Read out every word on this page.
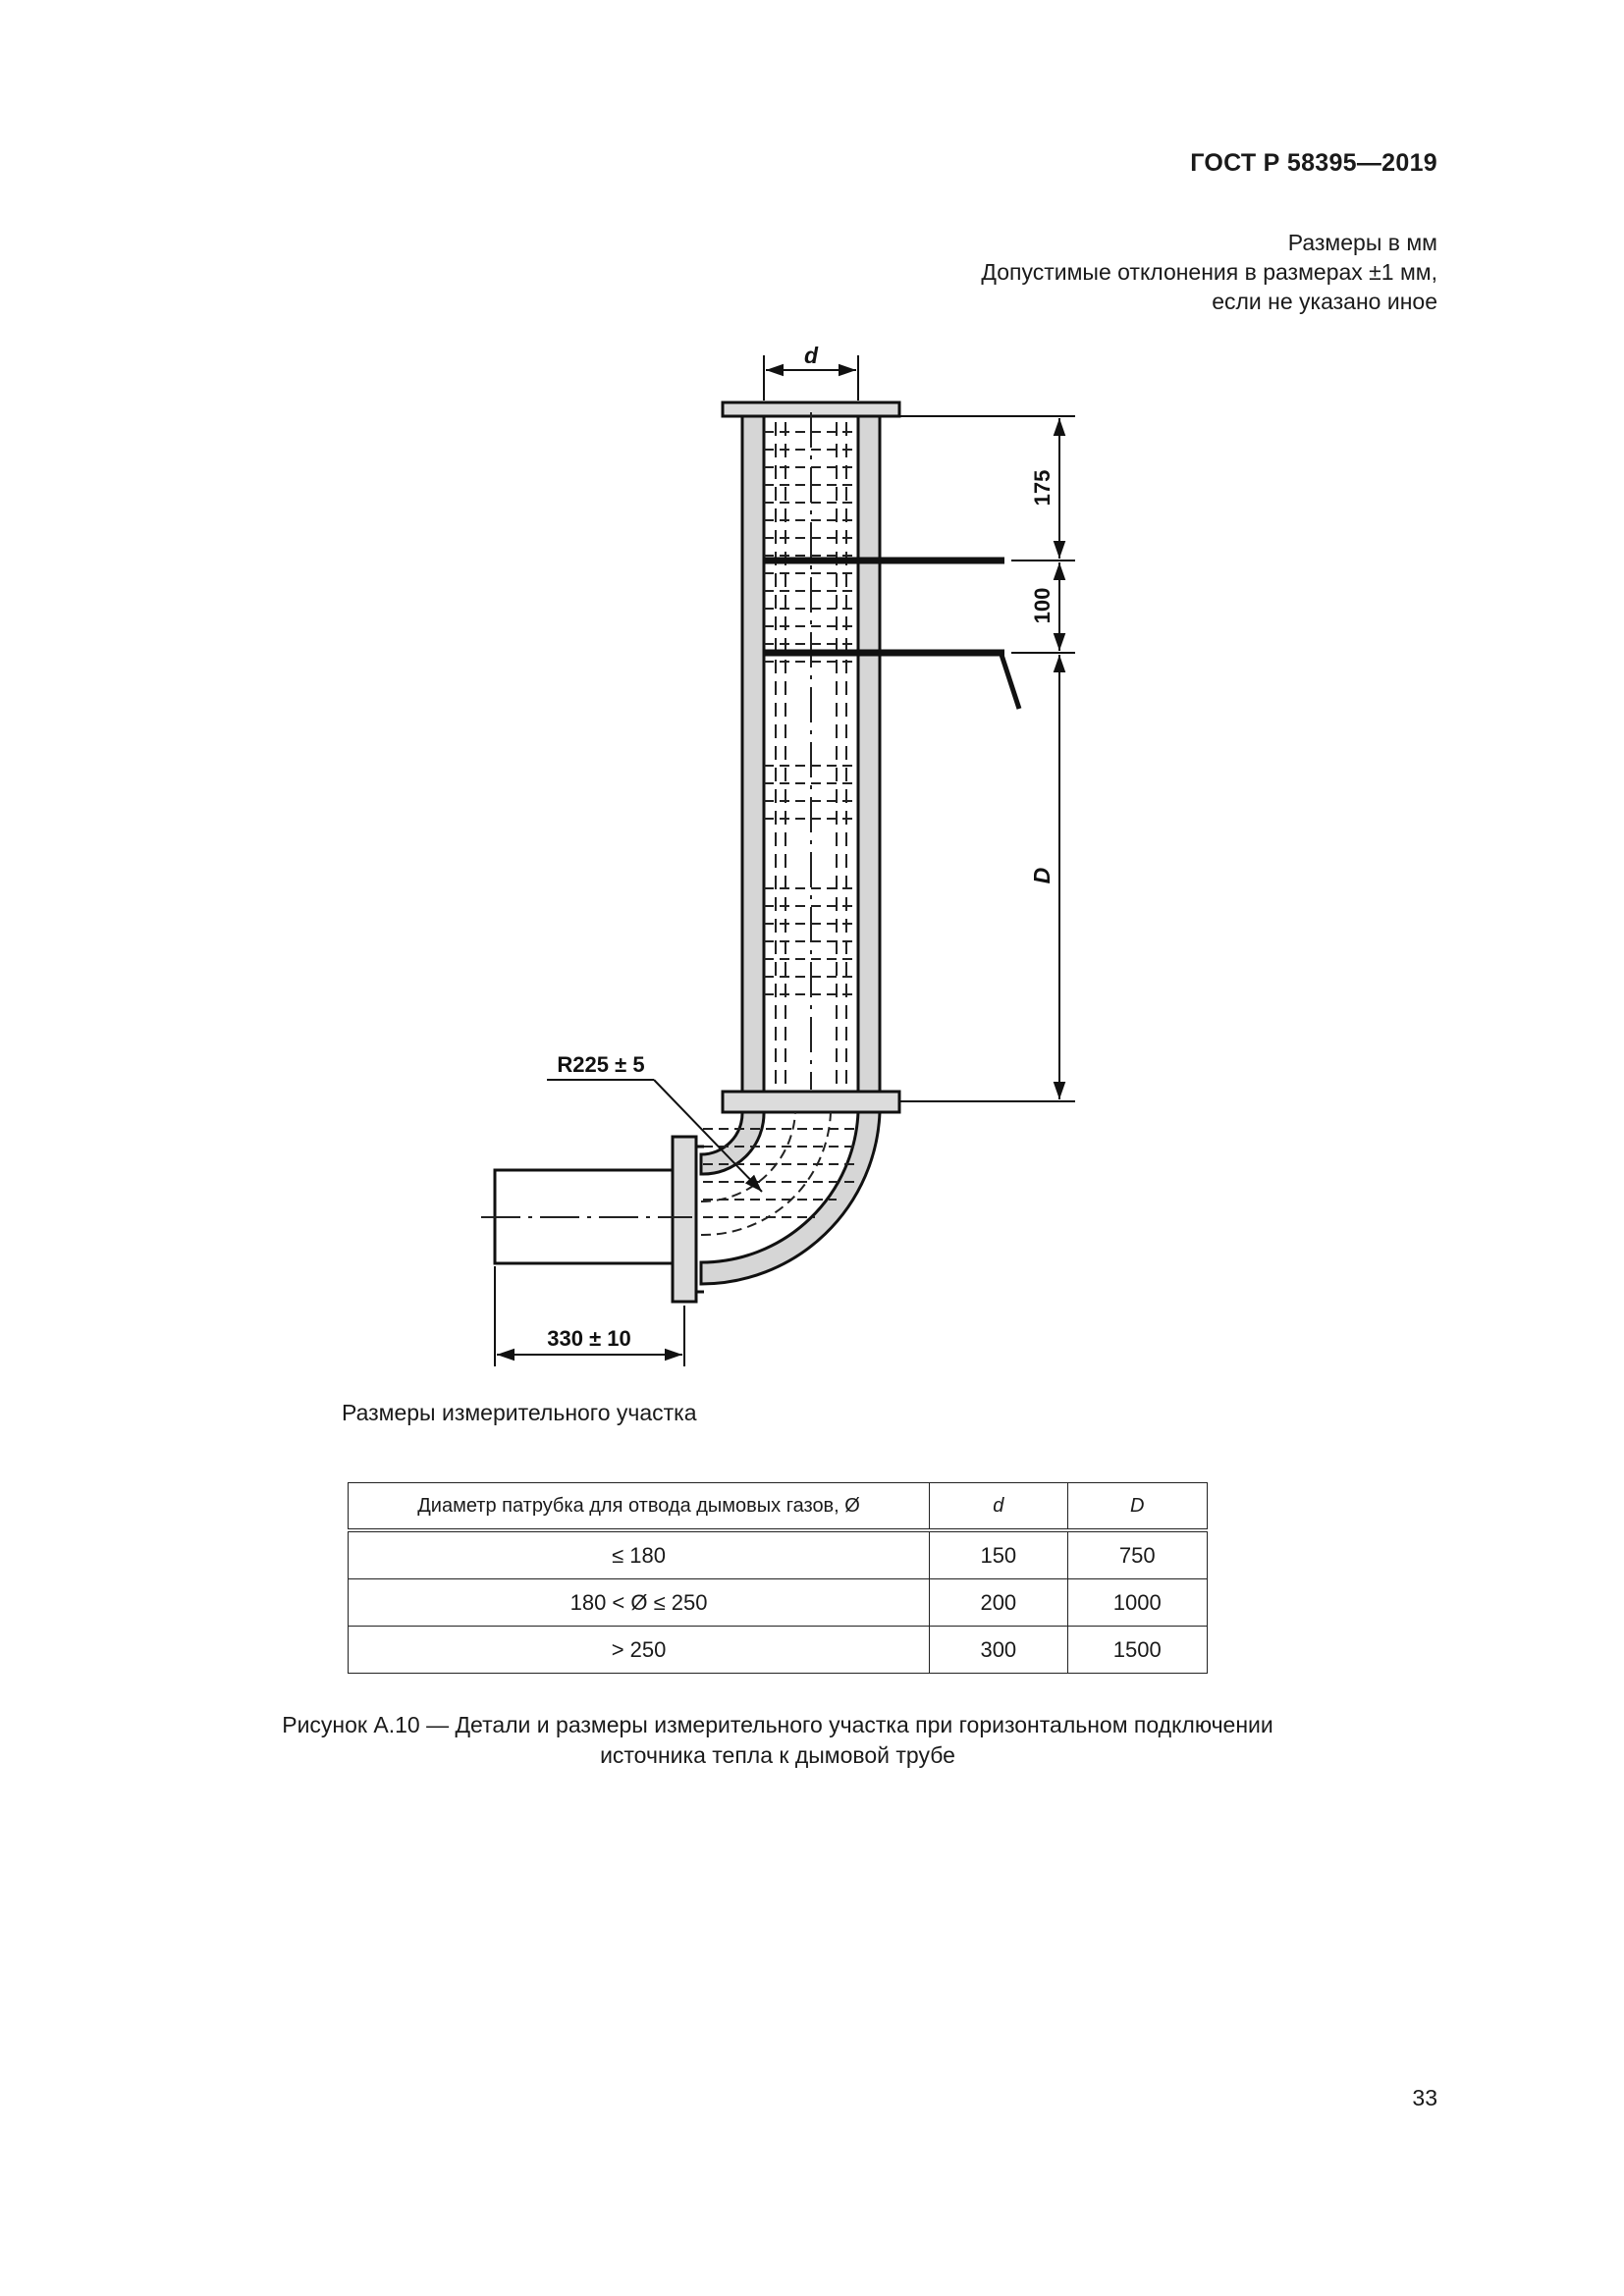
ГОСТ Р 58395—2019
Размеры в мм
Допустимые отклонения в размерах ±1 мм,
если не указано иное
d
175
100
D
R225 ± 5
330 ± 10
Размеры измерительного участка
Диаметр патрубка для отвода дымовых газов, Ø	d	D
≤ 180	150	750
180 < Ø ≤ 250	200	1000
> 250	300	1500
Рисунок А.10 — Детали и размеры измерительного участка при горизонтальном подключении
источника тепла к дымовой трубе
33
